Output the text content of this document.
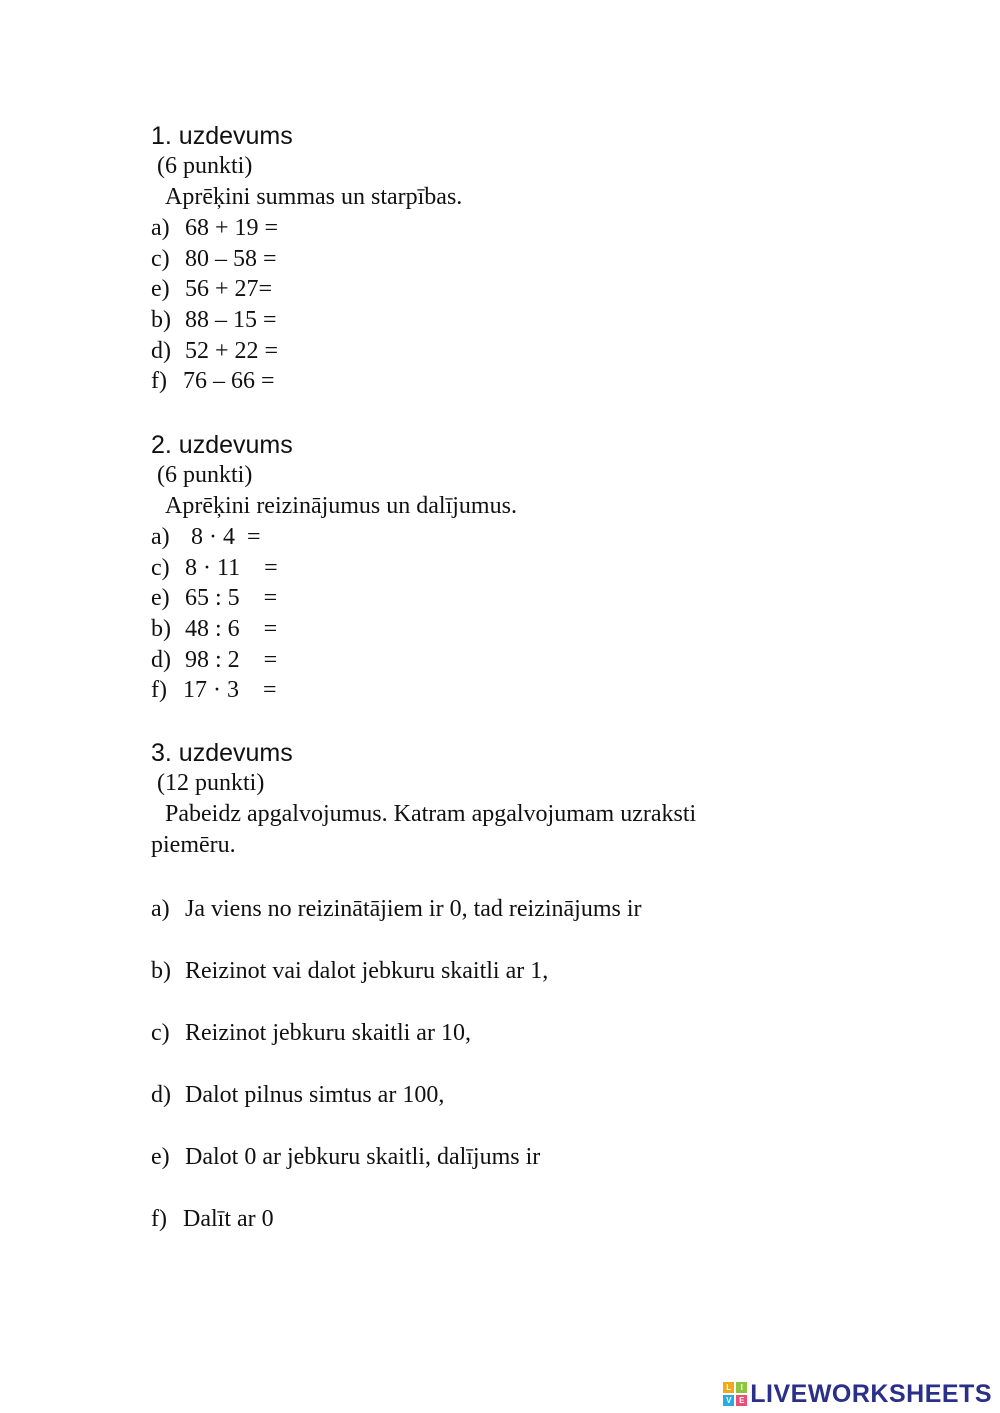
1. uzdevums
(6 punkti)
Aprēķini summas un starpības.
a) 68 + 19 =
c) 80 – 58 =
e) 56 + 27=
b) 88 – 15 =
d) 52 + 22 =
f) 76 – 66 =
2. uzdevums
(6 punkti)
Aprēķini reizinājumus un dalījumus.
a) 8 · 4  =
c) 8 · 11    =
e) 65 : 5    =
b) 48 : 6    =
d) 98 : 2    =
f) 17 · 3    =
3. uzdevums
(12 punkti)
Pabeidz apgalvojumus. Katram apgalvojumam uzraksti
piemēru.
a) Ja viens no reizinātājiem ir 0, tad reizinājums ir
b) Reizinot vai dalot jebkuru skaitli ar 1,
c) Reizinot jebkuru skaitli ar 10,
d) Dalot pilnus simtus ar 100,
e) Dalot 0 ar jebkuru skaitli, dalījums ir
f) Dalīt ar 0
L	I
V E LIVEWORKSHEETS
